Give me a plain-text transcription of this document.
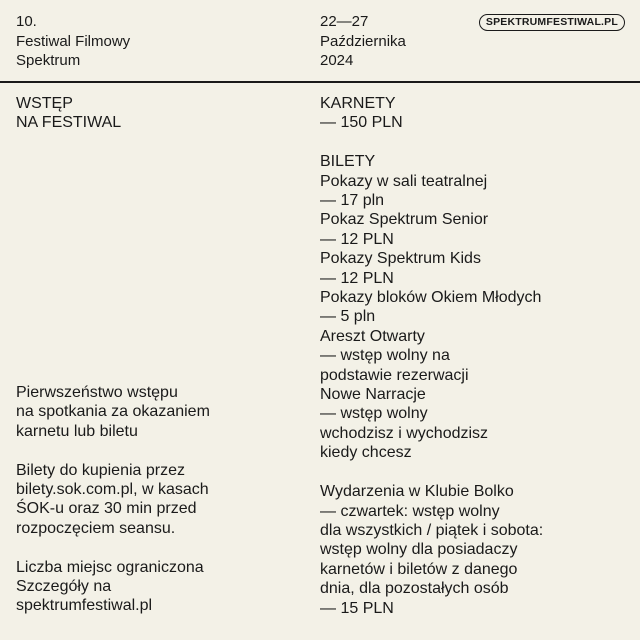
10.
Festiwal Filmowy
Spektrum
22—27
Października
2024
SPEKTRUMFESTIWAL.PL
WSTĘP
NA FESTIWAL
Pierwszeństwo wstępu
na spotkania za okazaniem
karnetu lub biletu
Bilety do kupienia przez
bilety.sok.com.pl, w kasach
ŚOK-u oraz 30 min przed
rozpoczęciem seansu.
Liczba miejsc ograniczona
Szczegóły na
spektrumfestiwal.pl
KARNETY
— 150 PLN
BILETY
Pokazy w sali teatralnej
— 17 pln
Pokaz Spektrum Senior
— 12 PLN
Pokazy Spektrum Kids
— 12 PLN
Pokazy bloków Okiem Młodych
— 5 pln
Areszt Otwarty
— wstęp wolny na
podstawie rezerwacji
Nowe Narracje
— wstęp wolny
wchodzisz i wychodzisz
kiedy chcesz
Wydarzenia w Klubie Bolko
— czwartek: wstęp wolny
dla wszystkich / piątek i sobota:
wstęp wolny dla posiadaczy
karnetów i biletów z danego
dnia, dla pozostałych osób
— 15 PLN
